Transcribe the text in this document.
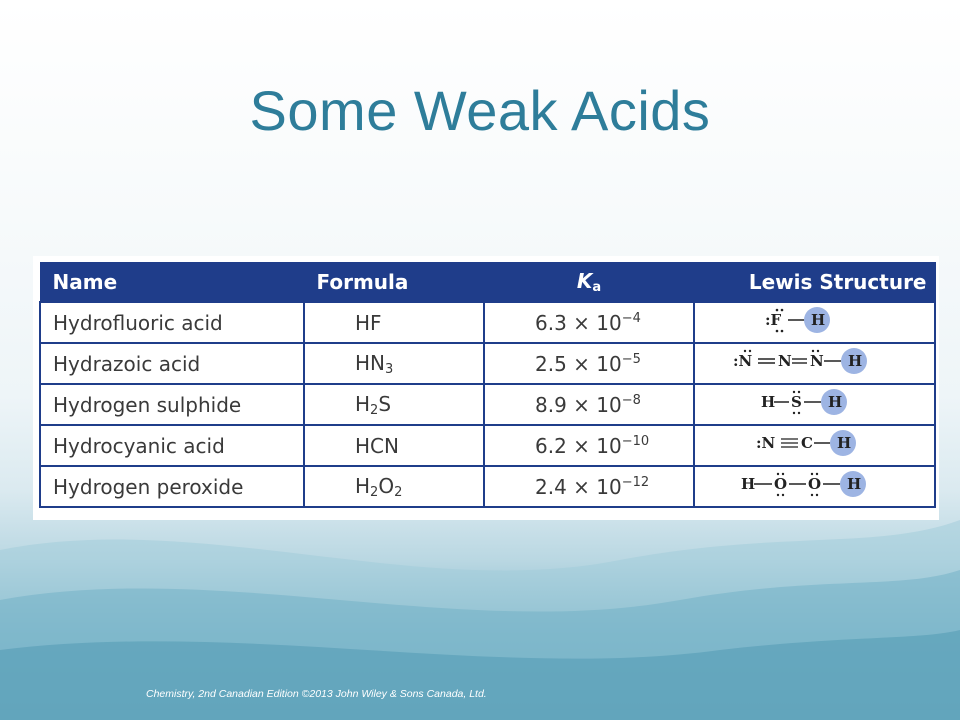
Some Weak Acids
Name	Formula	$K_a$	Lewis Structure
Hydrofluoric acid	HF	$6.3 \times 10^{-4}$	:F H

Hydrazoic acid	$HN_3$	$2.5 \times 10^{-5}$	:N N N H

Hydrogen sulphide	$H_2S$	$8.9 \times 10^{-8}$	H S H

Hydrocyanic acid	HCN	$6.2 \times 10^{-10}$	:N C H

Hydrogen peroxide	$H_2O_2$	$2.4 \times 10^{-12}$	H O O H
Chemistry, 2nd Canadian Edition ©2013 John Wiley & Sons Canada, Ltd.
